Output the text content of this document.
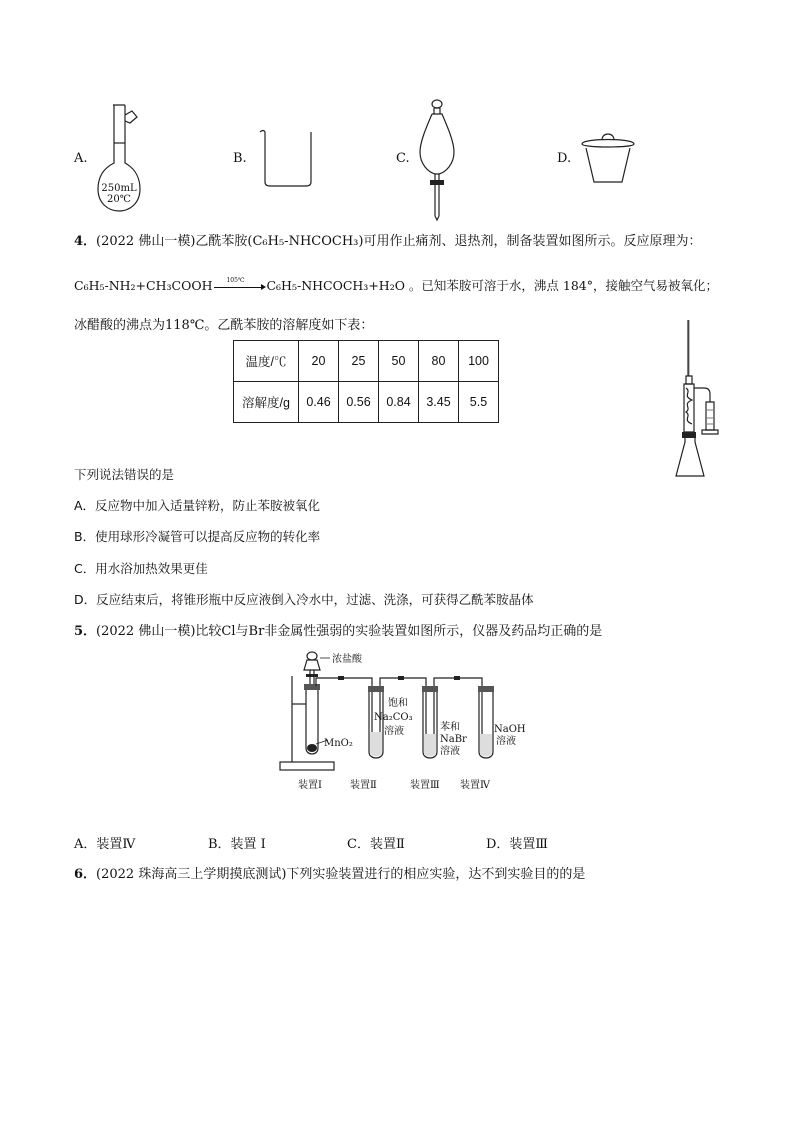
A.
250mL
20℃
B.	C.	D.
4．(2022 佛山一模)乙酰苯胺(C₆H₅-NHCOCH₃)可用作止痛剂、退热剂，制备装置如图所示。反应原理为：
C₆H₅-NH₂+CH₃COOH 105℃ C₆H₅-NHCOCH₃+H₂O 。已知苯胺可溶于水，沸点 184°，接触空气易被氧化；
冰醋酸的沸点为118℃。乙酰苯胺的溶解度如下表：
温度/℃	20	25	50	80	100
溶解度/g	0.46	0.56	0.84	3.45	5.5
下列说法错误的是
A．反应物中加入适量锌粉，防止苯胺被氧化
B．使用球形冷凝管可以提高反应物的转化率
C．用水浴加热效果更佳
D．反应结束后，将锥形瓶中反应液倒入冷水中，过滤、洗涤，可获得乙酰苯胺晶体
5．(2022 佛山一模)比较Cl与Br非金属性强弱的实验装置如图所示，仪器及药品均正确的是
浓盐酸
MnO₂
饱和
Na₂CO₃
溶液	苯和
NaBr
溶液
NaOH
溶液
装置Ⅰ	装置Ⅱ	装置Ⅲ 装置Ⅳ
A．装置Ⅳ	B．装置 Ⅰ	C．装置Ⅱ	D．装置Ⅲ
6．(2022 珠海高三上学期摸底测试)下列实验装置进行的相应实验，达不到实验目的的是
